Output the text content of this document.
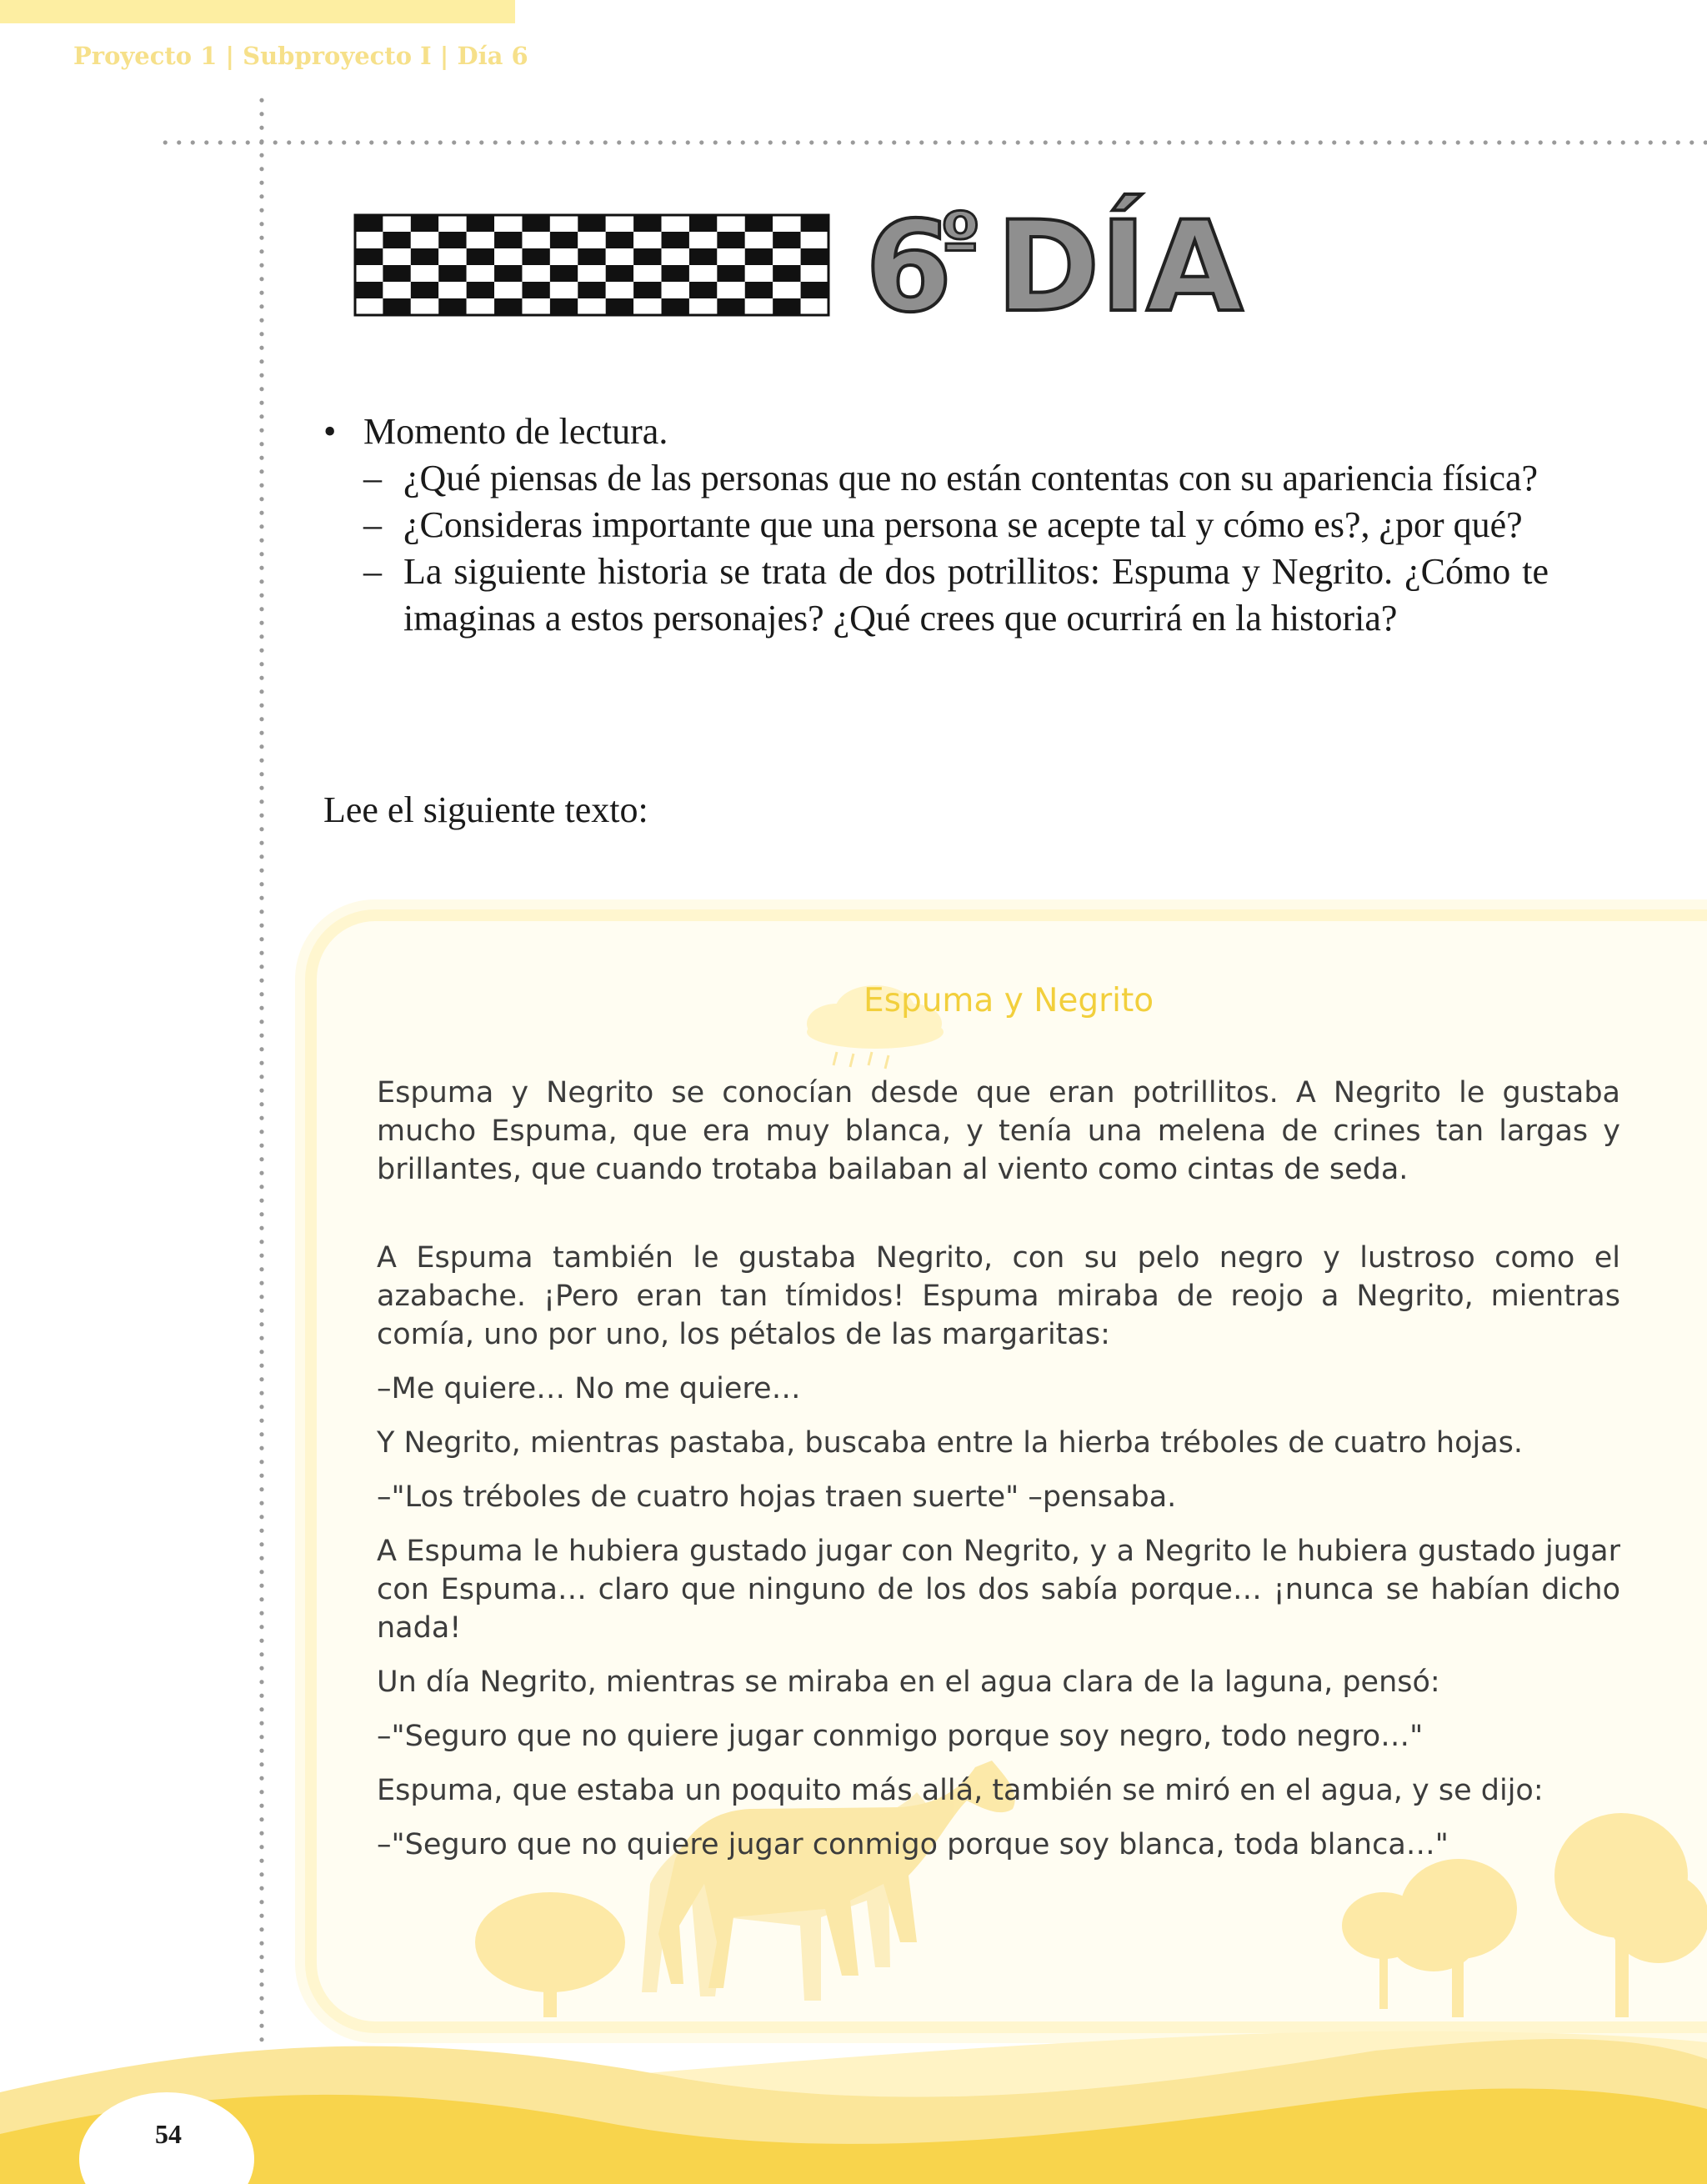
Proyecto 1 | Subproyecto I | Día 6
6
º DÍA
• Momento de lectura.
– ¿Qué piensas de las personas que no están contentas con su apariencia física?
– ¿Consideras importante que una persona se acepte tal y cómo es?, ¿por qué?
– La siguiente historia se trata de dos potrillitos: Espuma y Negrito. ¿Cómo te imaginas a estos personajes? ¿Qué crees que ocurrirá en la historia?
Lee el siguiente texto:
Espuma y Negrito

Espuma y Negrito se conocían desde que eran potrillitos. A Negrito le gustaba mucho Espuma, que era muy blanca, y tenía una melena de crines tan largas y brillantes, que cuando trotaba bailaban al viento como cintas de seda.

A Espuma también le gustaba Negrito, con su pelo negro y lustroso como el azabache. ¡Pero eran tan tímidos! Espuma miraba de reojo a Negrito, mientras comía, uno por uno, los pétalos de las margaritas:

–Me quiere… No me quiere…

Y Negrito, mientras pastaba, buscaba entre la hierba tréboles de cuatro hojas.

–"Los tréboles de cuatro hojas traen suerte" –pensaba.

A Espuma le hubiera gustado jugar con Negrito, y a Negrito le hubiera gustado jugar con Espuma… claro que ninguno de los dos sabía porque… ¡nunca se habían dicho nada!

Un día Negrito, mientras se miraba en el agua clara de la laguna, pensó:

–"Seguro que no quiere jugar conmigo porque soy negro, todo negro…"

Espuma, que estaba un poquito más allá, también se miró en el agua, y se dijo:

–"Seguro que no quiere jugar conmigo porque soy blanca, toda blanca…"

54
